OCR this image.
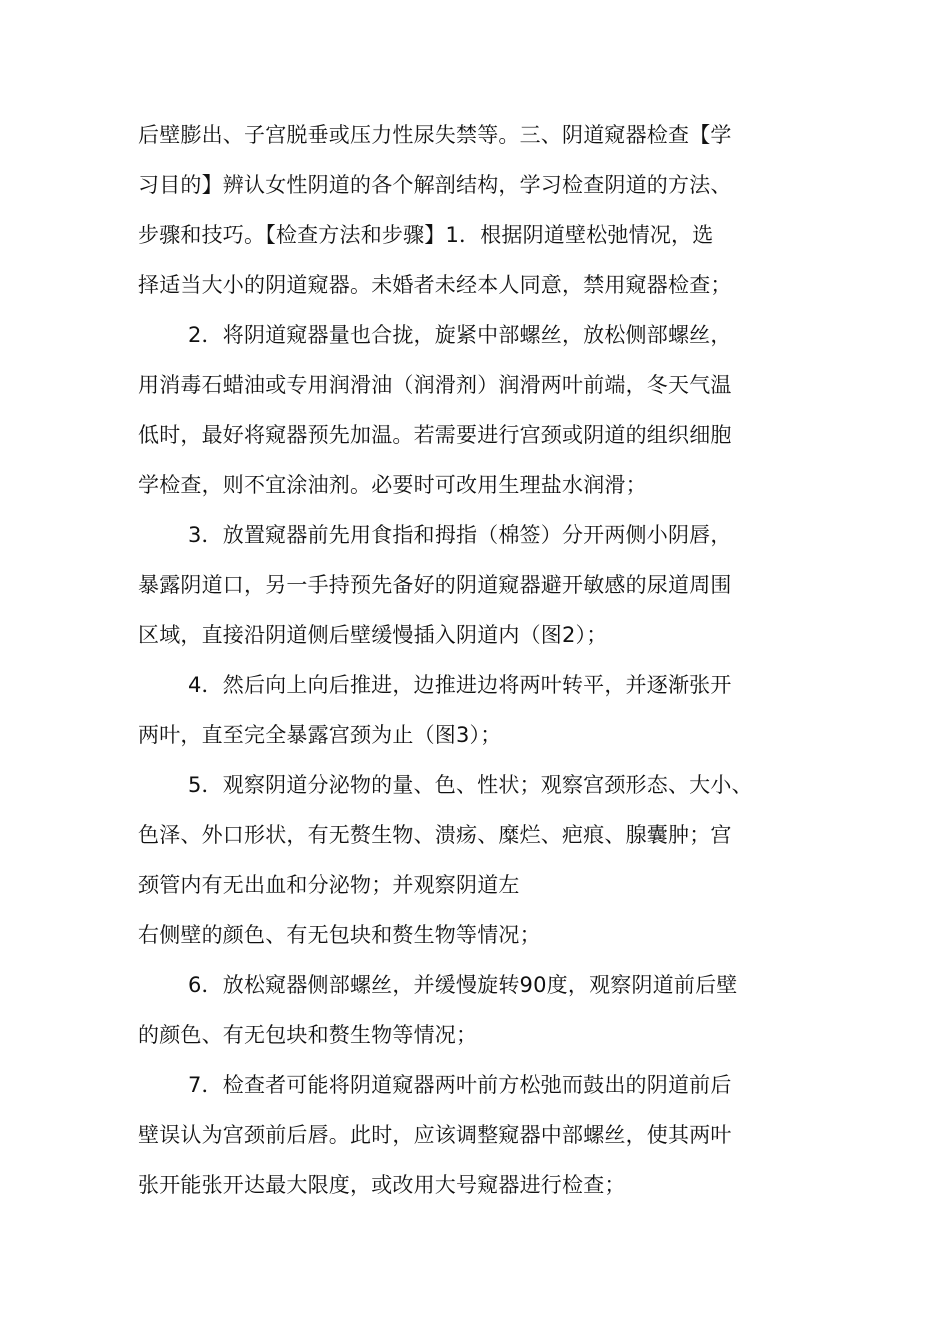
后壁膨出、子宫脱垂或压力性尿失禁等。三、阴道窥器检查【学
习目的】辨认女性阴道的各个解剖结构，学习检查阴道的方法、
步骤和技巧。【检查方法和步骤】1．根据阴道壁松弛情况，选
择适当大小的阴道窥器。未婚者未经本人同意，禁用窥器检查；
2．将阴道窥器量也合拢，旋紧中部螺丝，放松侧部螺丝，
用消毒石蜡油或专用润滑油（润滑剂）润滑两叶前端，冬天气温
低时，最好将窥器预先加温。若需要进行宫颈或阴道的组织细胞
学检查，则不宜涂油剂。必要时可改用生理盐水润滑；
3．放置窥器前先用食指和拇指（棉签）分开两侧小阴唇，
暴露阴道口，另一手持预先备好的阴道窥器避开敏感的尿道周围
区域，直接沿阴道侧后壁缓慢插入阴道内（图2）；
4．然后向上向后推进，边推进边将两叶转平，并逐渐张开
两叶，直至完全暴露宫颈为止（图3）；
5．观察阴道分泌物的量、色、性状；观察宫颈形态、大小、
色泽、外口形状，有无赘生物、溃疡、糜烂、疤痕、腺囊肿；宫
颈管内有无出血和分泌物；并观察阴道左
右侧壁的颜色、有无包块和赘生物等情况；
6．放松窥器侧部螺丝，并缓慢旋转90度，观察阴道前后壁
的颜色、有无包块和赘生物等情况；
7．检查者可能将阴道窥器两叶前方松弛而鼓出的阴道前后
壁误认为宫颈前后唇。此时，应该调整窥器中部螺丝，使其两叶
张开能张开达最大限度，或改用大号窥器进行检查；
